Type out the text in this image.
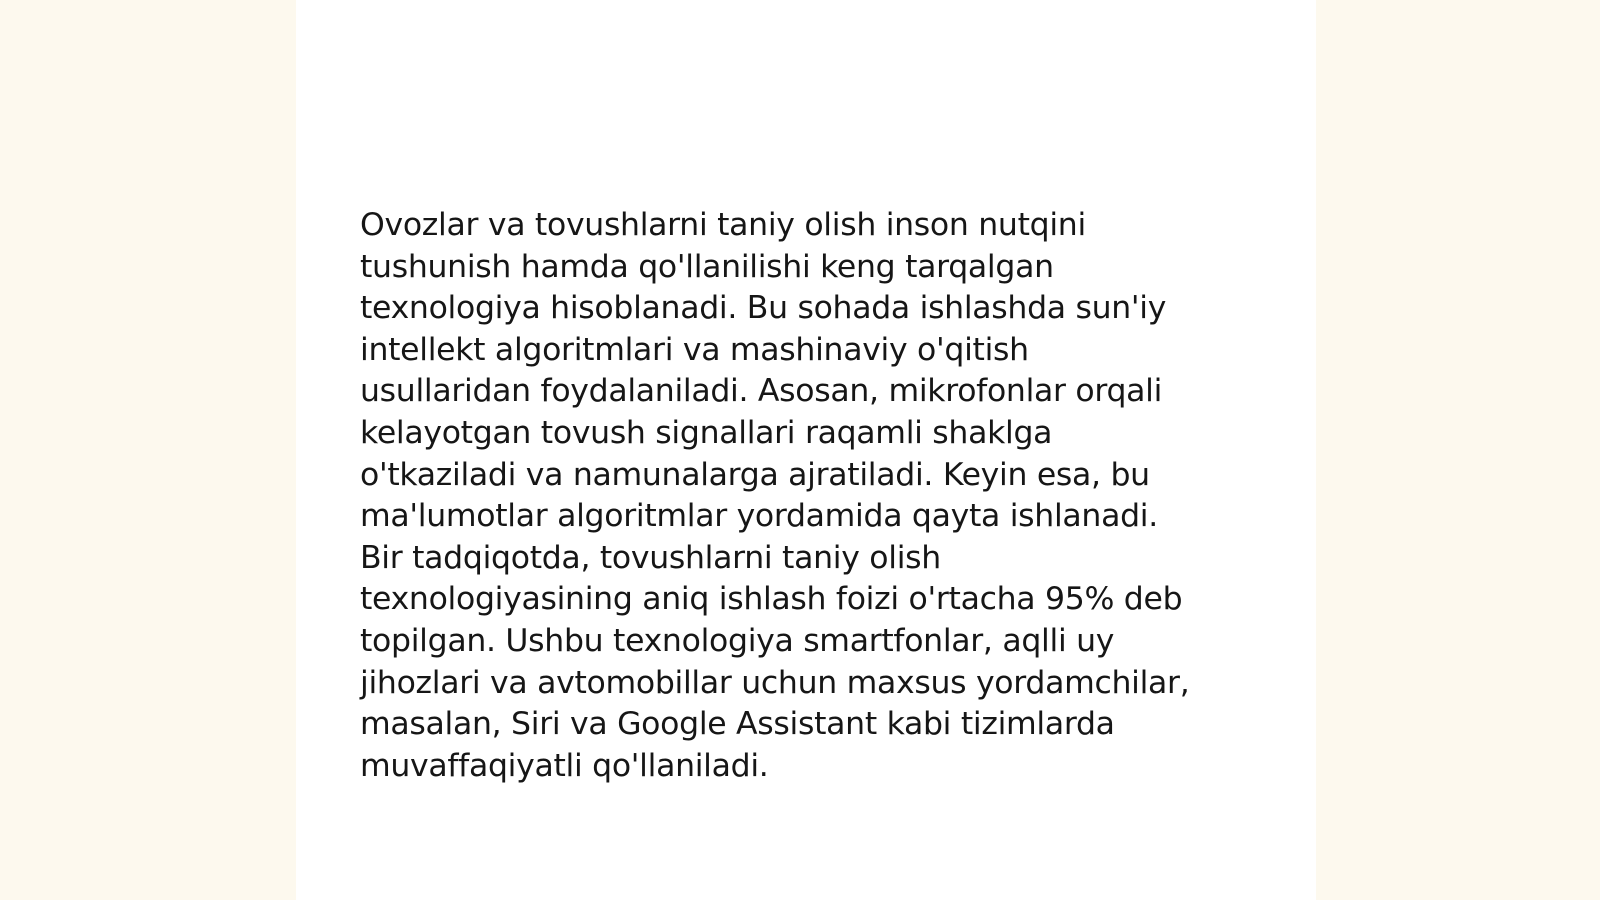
Ovozlar va tovushlarni taniy olish inson nutqini
tushunish hamda qo'llanilishi keng tarqalgan
texnologiya hisoblanadi. Bu sohada ishlashda sun'iy
intellekt algoritmlari va mashinaviy o'qitish
usullaridan foydalaniladi. Asosan, mikrofonlar orqali
kelayotgan tovush signallari raqamli shaklga
o'tkaziladi va namunalarga ajratiladi. Keyin esa, bu
ma'lumotlar algoritmlar yordamida qayta ishlanadi.
Bir tadqiqotda, tovushlarni taniy olish
texnologiyasining aniq ishlash foizi o'rtacha 95% deb
topilgan. Ushbu texnologiya smartfonlar, aqlli uy
jihozlari va avtomobillar uchun maxsus yordamchilar,
masalan, Siri va Google Assistant kabi tizimlarda
muvaffaqiyatli qo'llaniladi.
